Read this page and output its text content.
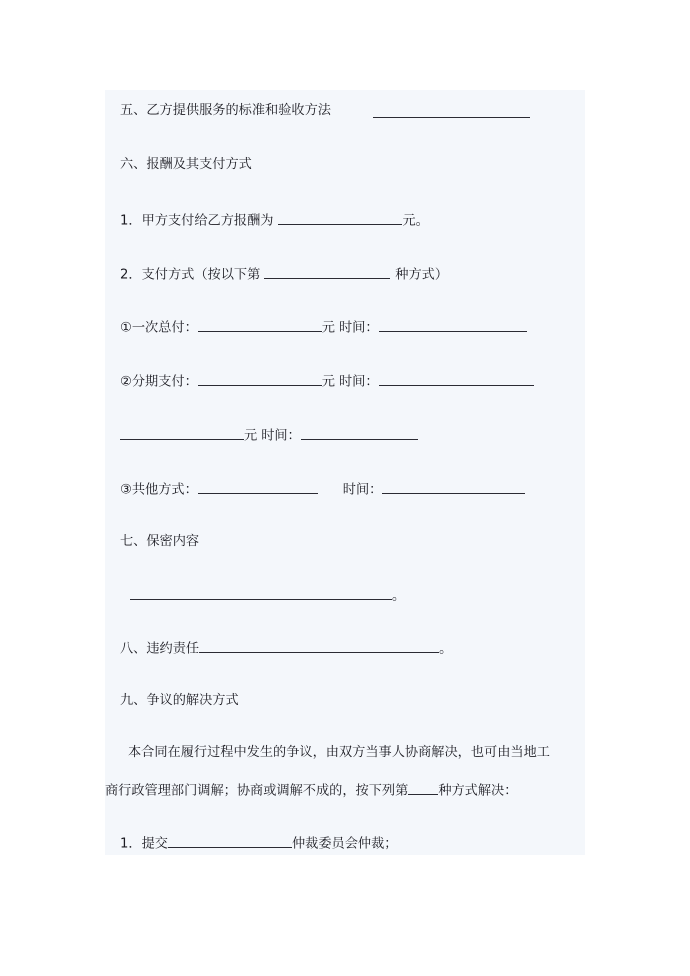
五、乙方提供服务的标准和验收方法
六、报酬及其支付方式
1．甲方支付给乙方报酬为	元。
2．支付方式（按以下第	种方式）
①一次总付：	元 时间：
②分期支付：	元 时间：
元 时间：
③共他方式：	时间：
七、保密内容
。
八、违约责任	。
九、争议的解决方式
本合同在履行过程中发生的争议，由双方当事人协商解决，也可由当地工
商行政管理部门调解；协商或调解不成的，按下列第 种方式解决：
1．提交	仲裁委员会仲裁；
